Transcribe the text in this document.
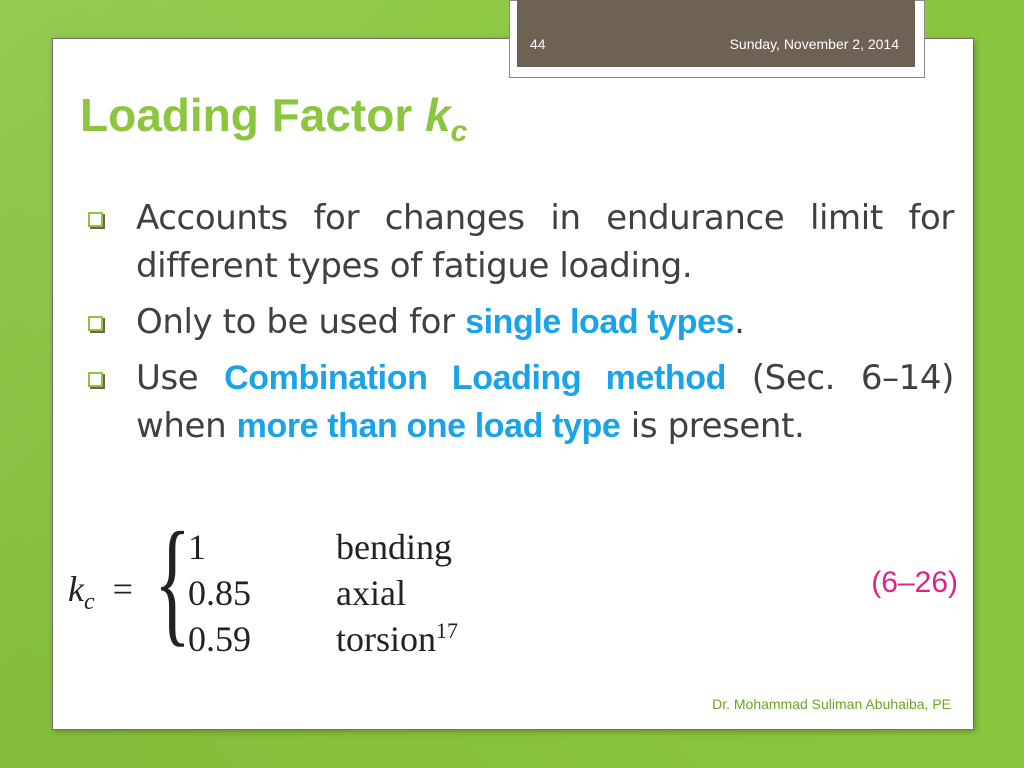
44	Sunday, November 2, 2014
Loading Factor $k_c$
Accounts for changes in endurance limit for different types of fatigue loading.
Only to be used for single load types.
Use Combination Loading method (Sec. 6–14) when more than one load type is present.
$k_c$ = {
1	bending
0.85 axial
0.59 torsion$^{17}$
(6–26)
Dr. Mohammad Suliman Abuhaiba, PE
